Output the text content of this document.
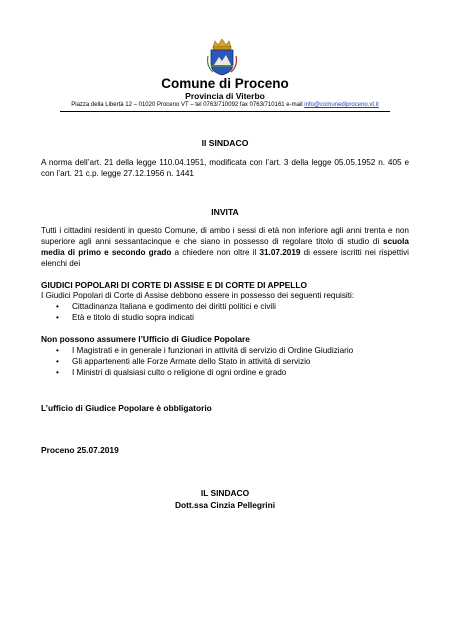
Comune di Proceno
Provincia di Viterbo
Piazza della Libertà 12 – 01020 Proceno VT – tel 0763/710092 fax 0763/710161 e-mail info@comunediproceno.vt.it
Il SINDACO
A norma dell’art. 21 della legge 110.04.1951, modificata con l’art. 3 della legge 05.05.1952 n. 405 e con l’art. 21 c.p. legge 27.12.1956 n. 1441
INVITA
Tutti i cittadini residenti in questo Comune, di ambo i sessi di età non inferiore agli anni trenta e non superiore agli anni sessantacinque e che siano in possesso di regolare titolo di studio di scuola media di primo e secondo grado a chiedere non oltre il 31.07.2019 di essere iscritti nei rispettivi elenchi dei
GIUDICI POPOLARI DI CORTE DI ASSISE E DI CORTE DI APPELLO
I Giudici Popolari di Corte di Assise debbono essere in possesso dei seguenti requisiti:
• Cittadinanza Italiana e godimento dei diritti politici e civili
• Età e titolo di studio sopra indicati
Non possono assumere l’Ufficio di Giudice Popolare
• I Magistrati e in generale i funzionari in attività di servizio di Ordine Giudiziario
• Gli appartenenti alle Forze Armate dello Stato in attività di servizio
• I Ministri di qualsiasi culto o religione di ogni ordine e grado
L’ufficio di Giudice Popolare è obbligatorio
Proceno 25.07.2019
IL SINDACO
Dott.ssa Cinzia Pellegrini
